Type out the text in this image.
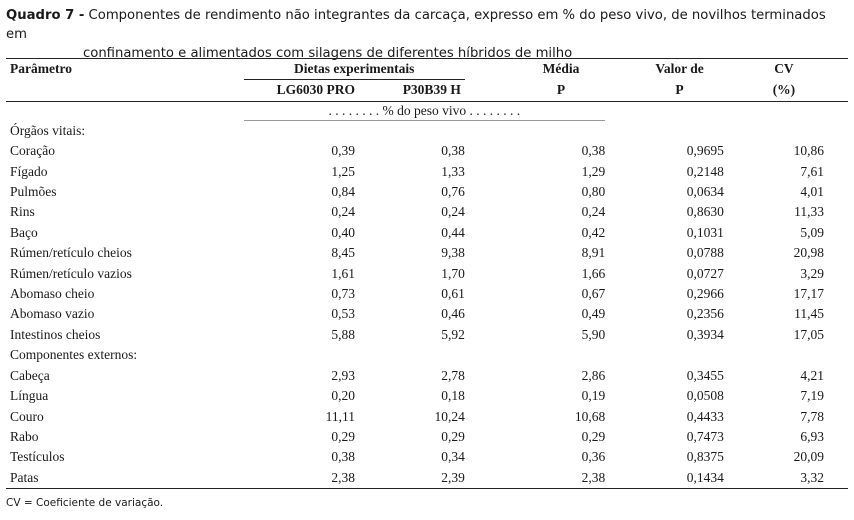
Quadro 7 - Componentes de rendimento não integrantes da carcaça, expresso em % do peso vivo, de novilhos terminados em
confinamento e alimentados com silagens de diferentes híbridos de milho
Parâmetro	Dietas experimentais		Média	Valor de	CV
	LG6030 PRO	P30B39 H	P	P	(%)
	. . . . . . . . % do peso vivo . . . . . . . .				
Órgãos vitais:					
Coração	0,39	0,38	0,38	0,9695	10,86
Fígado	1,25	1,33	1,29	0,2148	7,61
Pulmões	0,84	0,76	0,80	0,0634	4,01
Rins	0,24	0,24	0,24	0,8630	11,33
Baço	0,40	0,44	0,42	0,1031	5,09
Rúmen/retículo cheios	8,45	9,38	8,91	0,0788	20,98
Rúmen/retículo vazios	1,61	1,70	1,66	0,0727	3,29
Abomaso cheio	0,73	0,61	0,67	0,2966	17,17
Abomaso vazio	0,53	0,46	0,49	0,2356	11,45
Intestinos cheios	5,88	5,92	5,90	0,3934	17,05
Componentes externos:					
Cabeça	2,93	2,78	2,86	0,3455	4,21
Língua	0,20	0,18	0,19	0,0508	7,19
Couro	11,11	10,24	10,68	0,4433	7,78
Rabo	0,29	0,29	0,29	0,7473	6,93
Testículos	0,38	0,34	0,36	0,8375	20,09
Patas	2,38	2,39	2,38	0,1434	3,32
CV = Coeficiente de variação.
